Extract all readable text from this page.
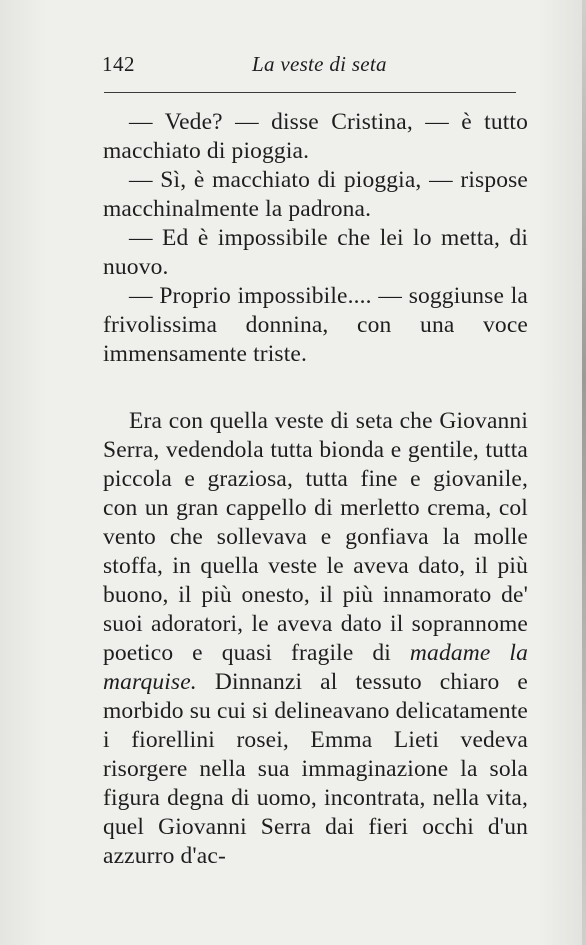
142	La veste di seta

— Vede? — disse Cristina, — è tutto macchiato di pioggia.

— Sì, è macchiato di pioggia, — rispose macchinalmente la padrona.

— Ed è impossibile che lei lo metta, di nuovo.

— Proprio impossibile.... — soggiunse la frivolissima donnina, con una voce immensamente triste.

Era con quella veste di seta che Giovanni Serra, vedendola tutta bionda e gentile, tutta piccola e graziosa, tutta fine e giovanile, con un gran cappello di merletto crema, col vento che sollevava e gonfiava la molle stoffa, in quella veste le aveva dato, il più buono, il più onesto, il più innamorato de' suoi adoratori, le aveva dato il soprannome poetico e quasi fragile di madame la marquise. Dinnanzi al tessuto chiaro e morbido su cui si delineavano delicatamente i fiorellini rosei, Emma Lieti vedeva risorgere nella sua immaginazione la sola figura degna di uomo, incontrata, nella vita, quel Giovanni Serra dai fieri occhi d'un azzurro d'ac-
